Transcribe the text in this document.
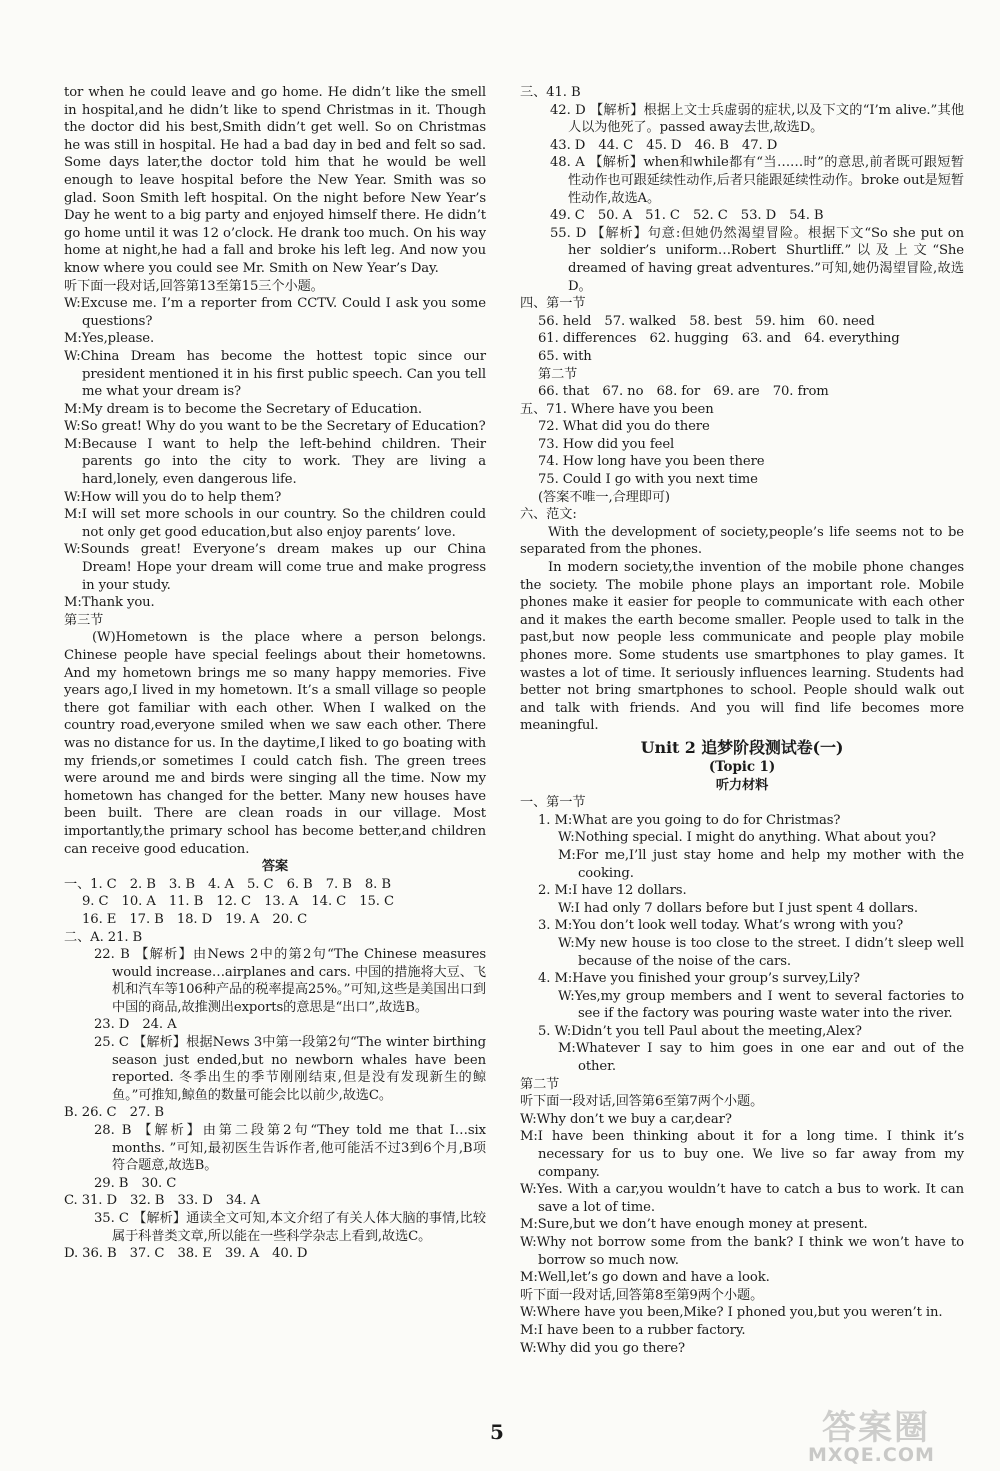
tor when he could leave and go home. He didn’t like the smell in hospital,and he didn’t like to spend Christmas in it. Though the doctor did his best,Smith didn’t get well. So on Christmas he was still in hospital. He had a bad day in bed and felt so sad. Some days later,the doctor told him that he would be well enough to leave hospital before the New Year. Smith was so glad. Soon Smith left hospital. On the night before New Year’s Day he went to a big party and enjoyed himself there. He didn’t go home until it was 12 o’clock. He drank too much. On his way home at night,he had a fall and broke his left leg. And now you know where you could see Mr. Smith on New Year’s Day.
听下面一段对话,回答第13至第15三个小题。
W:Excuse me. I’m a reporter from CCTV. Could I ask you some questions?
M:Yes,please.
W:China Dream has become the hottest topic since our president mentioned it in his first public speech. Can you tell me what your dream is?
M:My dream is to become the Secretary of Education.
W:So great! Why do you want to be the Secretary of Education?
M:Because I want to help the left-behind children. Their parents go into the city to work. They are living a hard,lonely, even dangerous life.
W:How will you do to help them?
M:I will set more schools in our country. So the children could not only get good education,but also enjoy parents’ love.
W:Sounds great! Everyone’s dream makes up our China Dream! Hope your dream will come true and make progress in your study.
M:Thank you.
第三节
(W)Hometown is the place where a person belongs. Chinese people have special feelings about their hometowns. And my hometown brings me so many happy memories. Five years ago,I lived in my hometown. It’s a small village so people there got familiar with each other. When I walked on the country road,everyone smiled when we saw each other. There was no distance for us. In the daytime,I liked to go boating with my friends,or sometimes I could catch fish. The green trees were around me and birds were singing all the time. Now my hometown has changed for the better. Many new houses have been built. There are clean roads in our village. Most importantly,the primary school has become better,and children can receive good education.
答案
一、1. C　2. B　3. B　4. A　5. C　6. B　7. B　8. B
9. C　10. A　11. B　12. C　13. A　14. C　15. C
16. E　17. B　18. D　19. A　20. C
二、A. 21. B
22. B 【解析】由News 2中的第2句“The Chinese measures would increase…airplanes and cars. 中国的措施将大豆、飞机和汽车等106种产品的税率提高25%。”可知,这些是美国出口到中国的商品,故推测出exports的意思是“出口”,故选B。
23. D　24. A
25. C 【解析】根据News 3中第一段第2句“The winter birthing season just ended,but no newborn whales have been reported. 冬季出生的季节刚刚结束,但是没有发现新生的鲸鱼。”可推知,鲸鱼的数量可能会比以前少,故选C。
B. 26. C　27. B
28. B 【解析】由第二段第2句“They told me that I…six months. ”可知,最初医生告诉作者,他可能活不过3到6个月,B项符合题意,故选B。
29. B　30. C
C. 31. D　32. B　33. D　34. A
35. C 【解析】通读全文可知,本文介绍了有关人体大脑的事情,比较属于科普类文章,所以能在一些科学杂志上看到,故选C。
D. 36. B　37. C　38. E　39. A　40. D
三、41. B
42. D 【解析】根据上文士兵虚弱的症状,以及下文的“I’m alive.”其他人以为他死了。passed away去世,故选D。
43. D　44. C　45. D　46. B　47. D
48. A 【解析】when和while都有“当……时”的意思,前者既可跟短暂性动作也可跟延续性动作,后者只能跟延续性动作。broke out是短暂性动作,故选A。
49. C　50. A　51. C　52. C　53. D　54. B
55. D 【解析】句意:但她仍然渴望冒险。根据下文“So she put on her soldier’s uniform…Robert Shurtliff.”以及上文“She dreamed of having great adventures.”可知,她仍渴望冒险,故选D。
四、第一节
56. held　57. walked　58. best　59. him　60. need
61. differences　62. hugging　63. and　64. everything
65. with
第二节
66. that　67. no　68. for　69. are　70. from
五、71. Where have you been
72. What did you do there
73. How did you feel
74. How long have you been there
75. Could I go with you next time
(答案不唯一,合理即可)
六、范文:
With the development of society,people’s life seems not to be separated from the phones.
In modern society,the invention of the mobile phone changes the society. The mobile phone plays an important role. Mobile phones make it easier for people to communicate with each other and it makes the earth become smaller. People used to talk in the past,but now people less communicate and people play mobile phones more. Some students use smartphones to play games. It wastes a lot of time. It seriously influences learning. Students had better not bring smartphones to school. People should walk out and talk with friends. And you will find life becomes more meaningful.
Unit 2 追梦阶段测试卷(一)
(Topic 1)
听力材料
一、第一节
1. M:What are you going to do for Christmas?
W:Nothing special. I might do anything. What about you?
M:For me,I’ll just stay home and help my mother with the cooking.
2. M:I have 12 dollars.
W:I had only 7 dollars before but I just spent 4 dollars.
3. M:You don’t look well today. What’s wrong with you?
W:My new house is too close to the street. I didn’t sleep well because of the noise of the cars.
4. M:Have you finished your group’s survey,Lily?
W:Yes,my group members and I went to several factories to see if the factory was pouring waste water into the river.
5. W:Didn’t you tell Paul about the meeting,Alex?
M:Whatever I say to him goes in one ear and out of the other.
第二节
听下面一段对话,回答第6至第7两个小题。
W:Why don’t we buy a car,dear?
M:I have been thinking about it for a long time. I think it’s necessary for us to buy one. We live so far away from my company.
W:Yes. With a car,you wouldn’t have to catch a bus to work. It can save a lot of time.
M:Sure,but we don’t have enough money at present.
W:Why not borrow some from the bank? I think we won’t have to borrow so much now.
M:Well,let’s go down and have a look.
听下面一段对话,回答第8至第9两个小题。
W:Where have you been,Mike? I phoned you,but you weren’t in.
M:I have been to a rubber factory.
W:Why did you go there?
5	答案圈
MXQE.COM
